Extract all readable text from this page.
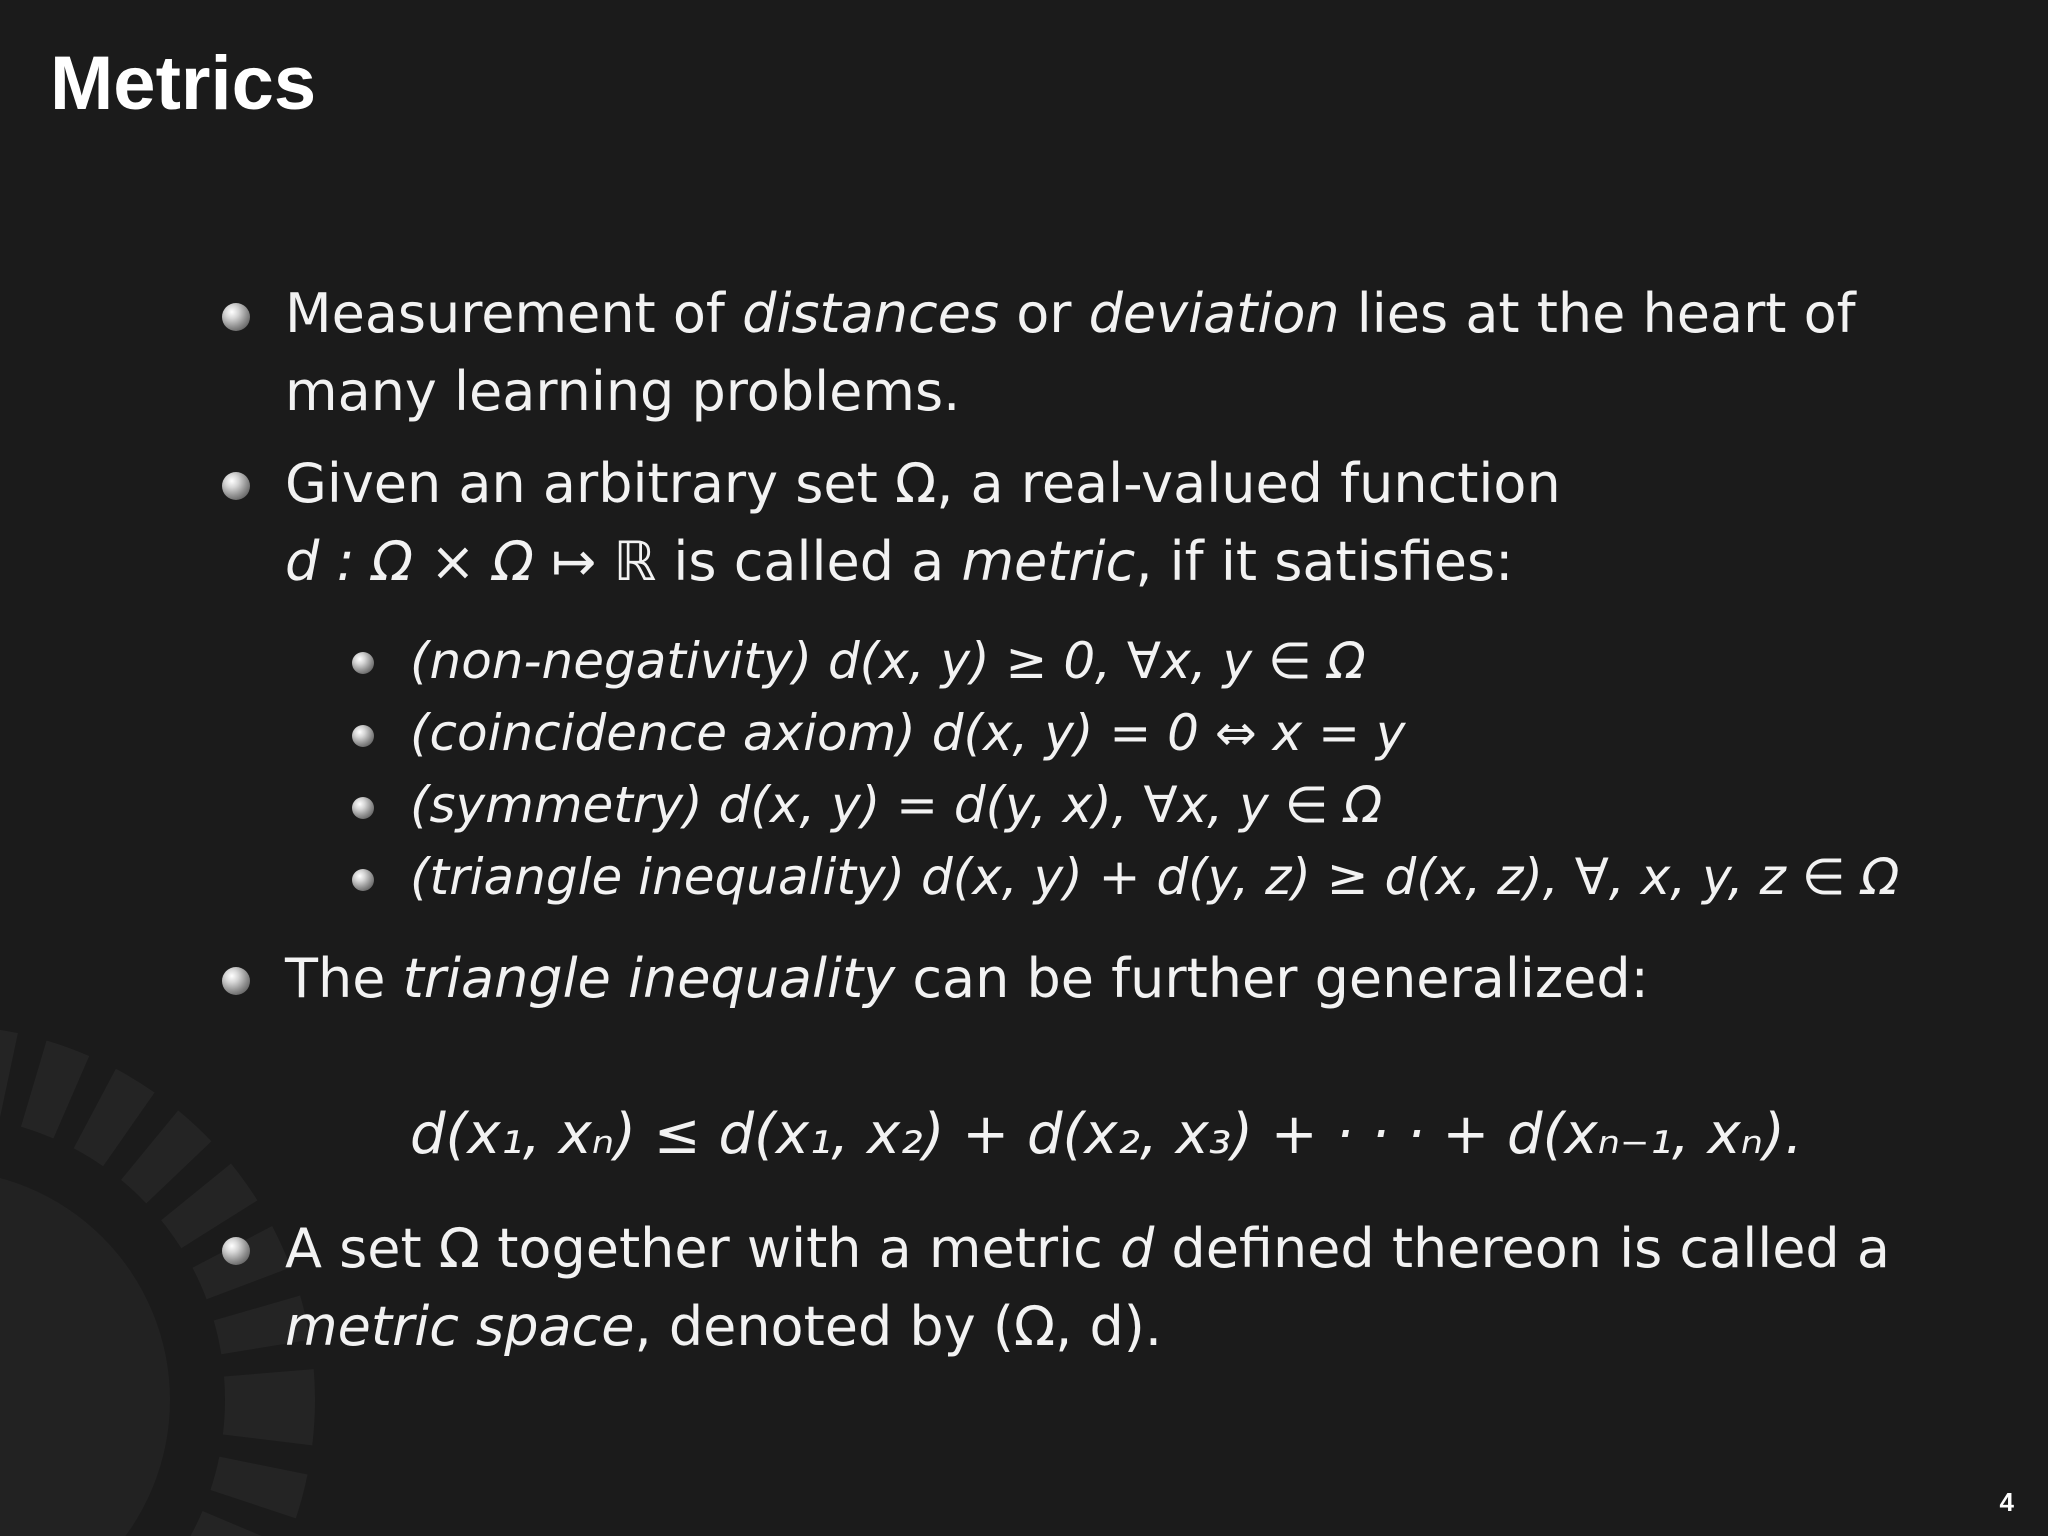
Metrics
Measurement of distances or deviation lies at the heart of
many learning problems.
Given an arbitrary set Ω, a real-valued function
d : Ω × Ω ↦ ℝ is called a metric, if it satisfies:
(non-negativity) d(x, y) ≥ 0, ∀x, y ∈ Ω
(coincidence axiom) d(x, y) = 0 ⇔ x = y
(symmetry) d(x, y) = d(y, x), ∀x, y ∈ Ω
(triangle inequality) d(x, y) + d(y, z) ≥ d(x, z), ∀, x, y, z ∈ Ω
The triangle inequality can be further generalized:
d(x₁, xₙ) ≤ d(x₁, x₂) + d(x₂, x₃) + · · · + d(xₙ₋₁, xₙ).
A set Ω together with a metric d defined thereon is called a
metric space, denoted by (Ω, d).
4
